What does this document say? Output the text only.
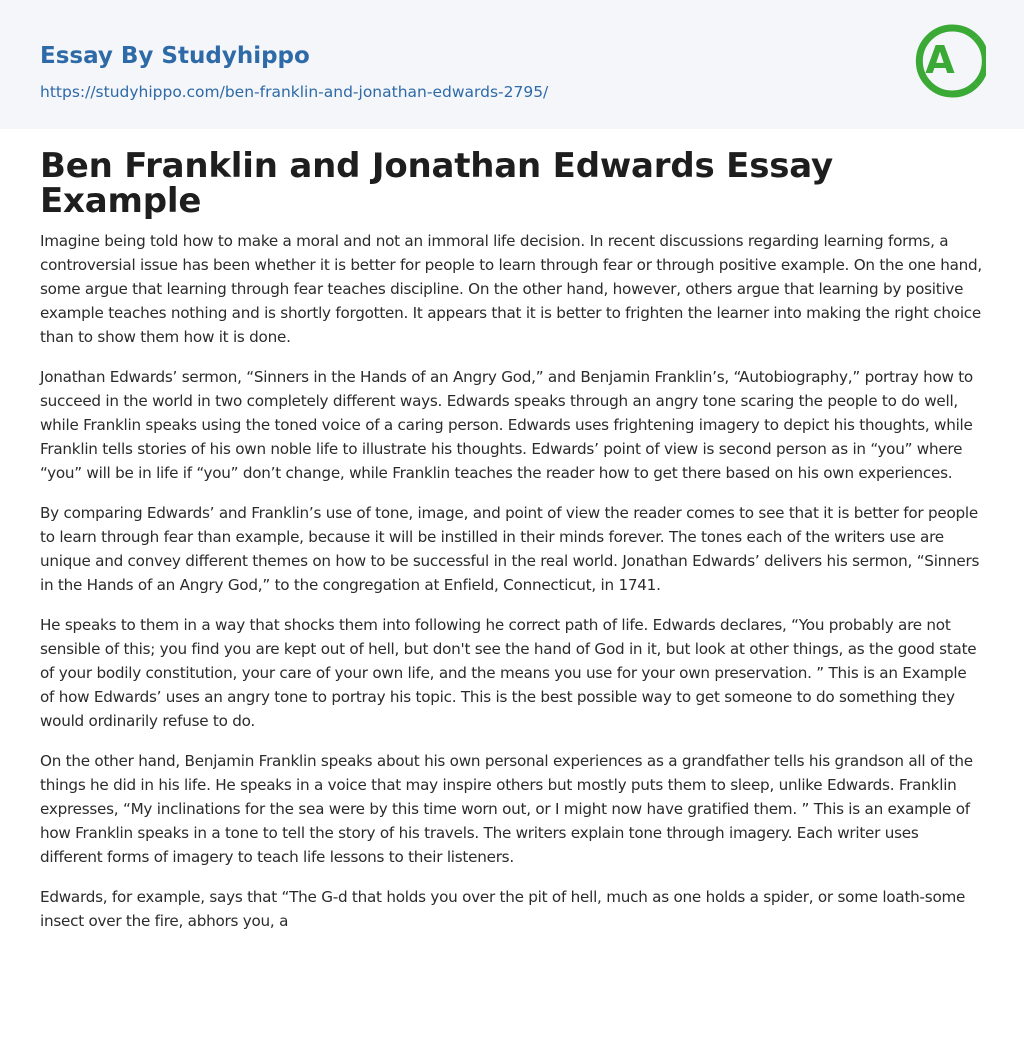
Essay By Studyhippo
https://studyhippo.com/ben-franklin-and-jonathan-edwards-2795/
A
Ben Franklin and Jonathan Edwards Essay Example

Imagine being told how to make a moral and not an immoral life decision. In recent discussions regarding learning forms, a controversial issue has been whether it is better for people to learn through fear or through positive example. On the one hand, some argue that learning through fear teaches discipline. On the other hand, however, others argue that learning by positive example teaches nothing and is shortly forgotten. It appears that it is better to frighten the learner into making the right choice than to show them how it is done.

Jonathan Edwards’ sermon, “Sinners in the Hands of an Angry God,” and Benjamin Franklin’s, “Autobiography,” portray how to succeed in the world in two completely different ways. Edwards speaks through an angry tone scaring the people to do well, while Franklin speaks using the toned voice of a caring person. Edwards uses frightening imagery to depict his thoughts, while Franklin tells stories of his own noble life to illustrate his thoughts. Edwards’ point of view is second person as in “you” where “you” will be in life if “you” don’t change, while Franklin teaches the reader how to get there based on his own experiences.

By comparing Edwards’ and Franklin’s use of tone, image, and point of view the reader comes to see that it is better for people to learn through fear than example, because it will be instilled in their minds forever. The tones each of the writers use are unique and convey different themes on how to be successful in the real world. Jonathan Edwards’ delivers his sermon, “Sinners in the Hands of an Angry God,” to the congregation at Enfield, Connecticut, in 1741.

He speaks to them in a way that shocks them into following he correct path of life. Edwards declares, “You probably are not sensible of this; you find you are kept out of hell, but don't see the hand of God in it, but look at other things, as the good state of your bodily constitution, your care of your own life, and the means you use for your own preservation. ” This is an Example of how Edwards’ uses an angry tone to portray his topic. This is the best possible way to get someone to do something they would ordinarily refuse to do.

On the other hand, Benjamin Franklin speaks about his own personal experiences as a grandfather tells his grandson all of the things he did in his life. He speaks in a voice that may inspire others but mostly puts them to sleep, unlike Edwards. Franklin expresses, “My inclinations for the sea were by this time worn out, or I might now have gratified them. ” This is an example of how Franklin speaks in a tone to tell the story of his travels. The writers explain tone through imagery. Each writer uses different forms of imagery to teach life lessons to their listeners.

Edwards, for example, says that “The G-d that holds you over the pit of hell, much as one holds a spider, or some loath-some insect over the fire, abhors you, a
